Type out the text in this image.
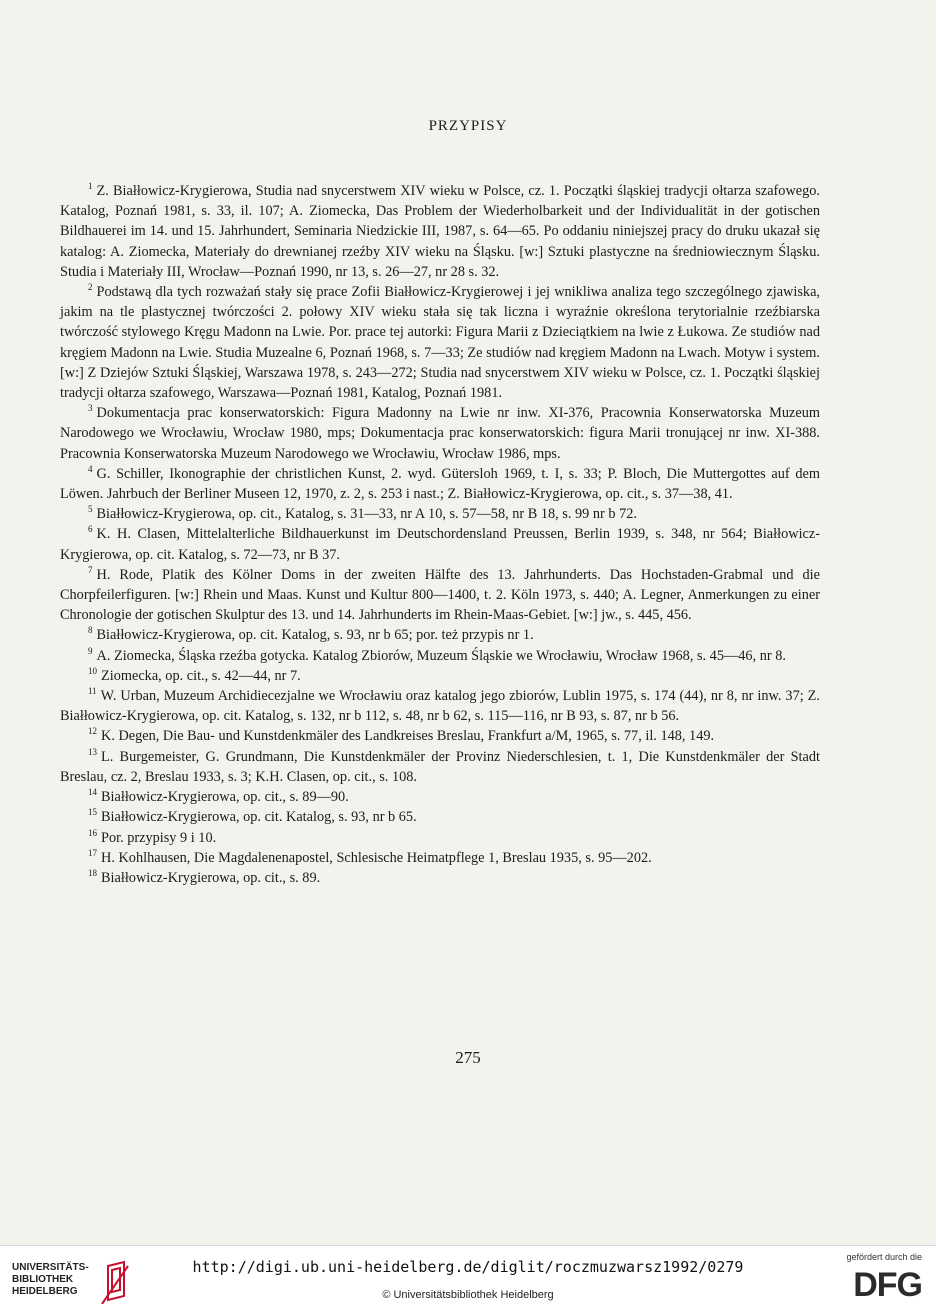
PRZYPISY

$^1$ Z. Białłowicz-Krygierowa, Studia nad snycerstwem XIV wieku w Polsce, cz. 1. Początki śląskiej tradycji ołtarza szafowego. Katalog, Poznań 1981, s. 33, il. 107; A. Ziomecka, Das Problem der Wiederholbarkeit und der Individualität in der gotischen Bildhauerei im 14. und 15. Jahrhundert, Seminaria Niedzickie III, 1987, s. 64—65. Po oddaniu niniejszej pracy do druku ukazał się katalog: A. Ziomecka, Materiały do drewnianej rzeźby XIV wieku na Śląsku. [w:] Sztuki plastyczne na średniowiecznym Śląsku. Studia i Materiały III, Wrocław—Poznań 1990, nr 13, s. 26—27, nr 28 s. 32.

$^2$ Podstawą dla tych rozważań stały się prace Zofii Białłowicz-Krygierowej i jej wnikliwa analiza tego szczególnego zjawiska, jakim na tle plastycznej twórczości 2. połowy XIV wieku stała się tak liczna i wyraźnie określona terytorialnie rzeźbiarska twórczość stylowego Kręgu Madonn na Lwie. Por. prace tej autorki: Figura Marii z Dzieciątkiem na lwie z Łukowa. Ze studiów nad kręgiem Madonn na Lwie. Studia Muzealne 6, Poznań 1968, s. 7—33; Ze studiów nad kręgiem Madonn na Lwach. Motyw i system. [w:] Z Dziejów Sztuki Śląskiej, Warszawa 1978, s. 243—272; Studia nad snycerstwem XIV wieku w Polsce, cz. 1. Początki śląskiej tradycji ołtarza szafowego, Warszawa—Poznań 1981, Katalog, Poznań 1981.

$^3$ Dokumentacja prac konserwatorskich: Figura Madonny na Lwie nr inw. XI-376, Pracownia Konserwatorska Muzeum Narodowego we Wrocławiu, Wrocław 1980, mps; Dokumentacja prac konserwatorskich: figura Marii tronującej nr inw. XI-388. Pracownia Konserwatorska Muzeum Narodowego we Wrocławiu, Wrocław 1986, mps.

$^4$ G. Schiller, Ikonographie der christlichen Kunst, 2. wyd. Gütersloh 1969, t. I, s. 33; P. Bloch, Die Muttergottes auf dem Löwen. Jahrbuch der Berliner Museen 12, 1970, z. 2, s. 253 i nast.; Z. Białłowicz-Krygierowa, op. cit., s. 37—38, 41.

$^5$ Białłowicz-Krygierowa, op. cit., Katalog, s. 31—33, nr A 10, s. 57—58, nr B 18, s. 99 nr b 72.

$^6$ K. H. Clasen, Mittelalterliche Bildhauerkunst im Deutschordensland Preussen, Berlin 1939, s. 348, nr 564; Białłowicz-Krygierowa, op. cit. Katalog, s. 72—73, nr B 37.

$^7$ H. Rode, Platik des Kölner Doms in der zweiten Hälfte des 13. Jahrhunderts. Das Hochstaden-Grabmal und die Chorpfeilerfiguren. [w:] Rhein und Maas. Kunst und Kultur 800—1400, t. 2. Köln 1973, s. 440; A. Legner, Anmerkungen zu einer Chronologie der gotischen Skulptur des 13. und 14. Jahrhunderts im Rhein-Maas-Gebiet. [w:] jw., s. 445, 456.

$^8$ Białłowicz-Krygierowa, op. cit. Katalog, s. 93, nr b 65; por. też przypis nr 1.

$^9$ A. Ziomecka, Śląska rzeźba gotycka. Katalog Zbiorów, Muzeum Śląskie we Wrocławiu, Wrocław 1968, s. 45—46, nr 8.

$^{10}$ Ziomecka, op. cit., s. 42—44, nr 7.

$^{11}$ W. Urban, Muzeum Archidiecezjalne we Wrocławiu oraz katalog jego zbiorów, Lublin 1975, s. 174 (44), nr 8, nr inw. 37; Z. Białłowicz-Krygierowa, op. cit. Katalog, s. 132, nr b 112, s. 48, nr b 62, s. 115—116, nr B 93, s. 87, nr b 56.

$^{12}$ K. Degen, Die Bau- und Kunstdenkmäler des Landkreises Breslau, Frankfurt a/M, 1965, s. 77, il. 148, 149.

$^{13}$ L. Burgemeister, G. Grundmann, Die Kunstdenkmäler der Provinz Niederschlesien, t. 1, Die Kunstdenkmäler der Stadt Breslau, cz. 2, Breslau 1933, s. 3; K.H. Clasen, op. cit., s. 108.

$^{14}$ Białłowicz-Krygierowa, op. cit., s. 89—90.

$^{15}$ Białłowicz-Krygierowa, op. cit. Katalog, s. 93, nr b 65.

$^{16}$ Por. przypisy 9 i 10.

$^{17}$ H. Kohlhausen, Die Magdalenenapostel, Schlesische Heimatpflege 1, Breslau 1935, s. 95—202.

$^{18}$ Białłowicz-Krygierowa, op. cit., s. 89.

275
UNIVERSITÄTS-
BIBLIOTHEK
HEIDELBERG
http://digi.ub.uni-heidelberg.de/diglit/roczmuzwarsz1992/0279
© Universitätsbibliothek Heidelberg
gefördert durch die
DFG
